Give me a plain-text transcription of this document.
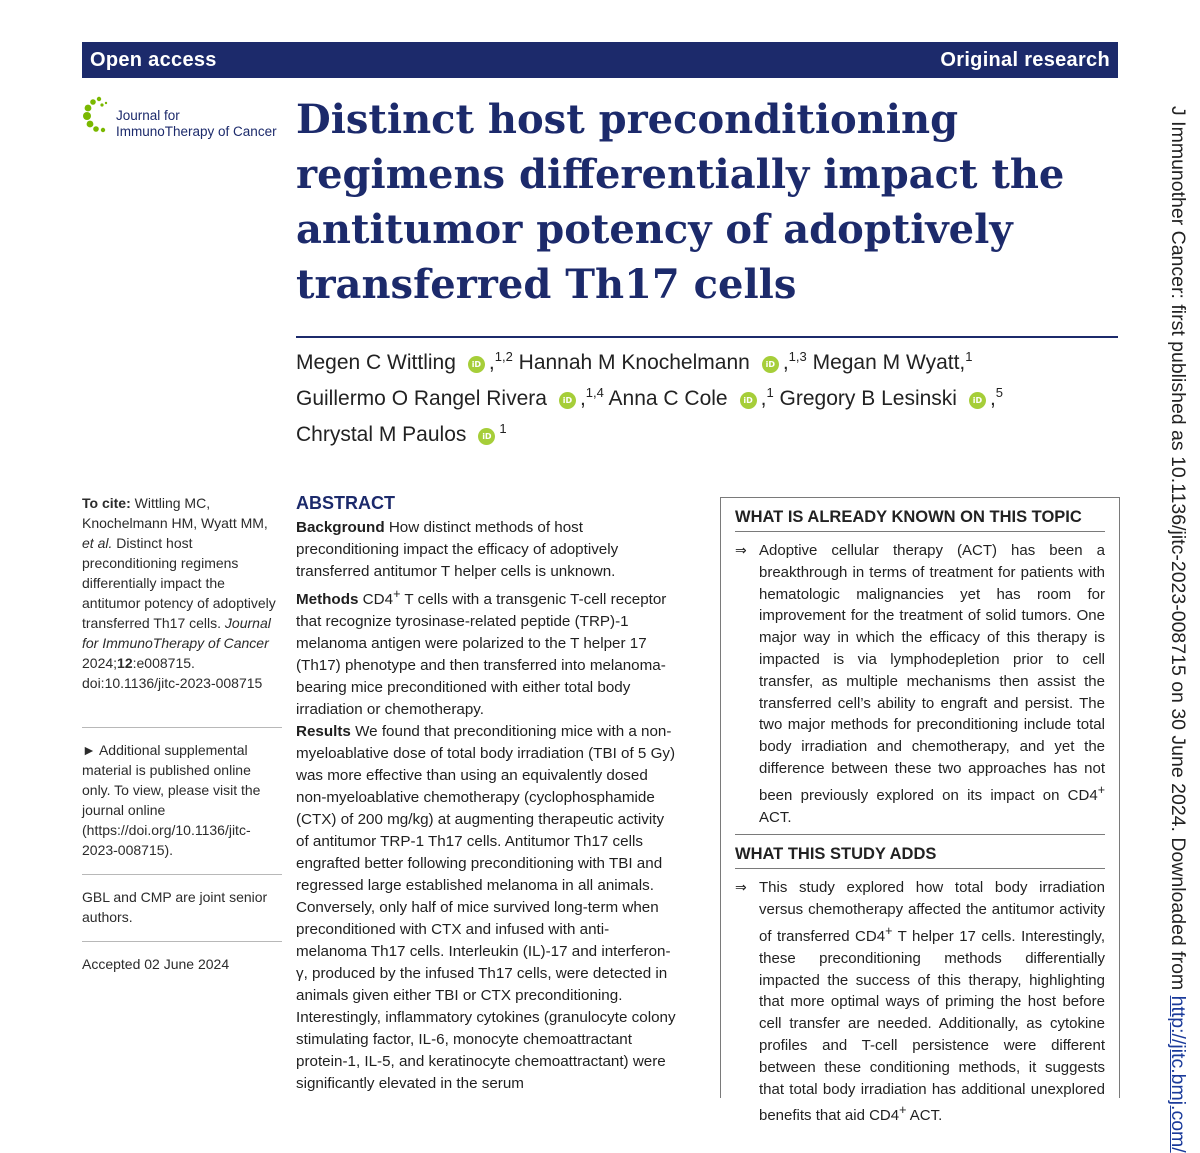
Open access	Original research
Journal for
ImmunoTherapy of Cancer Distinct host preconditioning regimens differentially impact the antitumor potency of adoptively transferred Th17 cells
Megen C Wittling iD ,$^{1,2}$ Hannah M Knochelmann iD ,$^{1,3}$ Megan M Wyatt,$^1$
Guillermo O Rangel Rivera iD ,$^{1,4}$ Anna C Cole iD ,$^1$ Gregory B Lesinski iD ,$^5$
Chrystal M Paulos $iD^1$

To cite: Wittling MC, Knochelmann HM, Wyatt MM, et al. Distinct host preconditioning regimens differentially impact the antitumor potency of adoptively transferred Th17 cells. Journal for ImmunoTherapy of Cancer 2024;12:e008715. doi:10.1136/jitc-2023-008715

► Additional supplemental material is published online only. To view, please visit the journal online (https://doi.org/10.1136/jitc-2023-008715).

GBL and CMP are joint senior authors.

Accepted 02 June 2024

ABSTRACT

Background How distinct methods of host preconditioning impact the efficacy of adoptively transferred antitumor T helper cells is unknown.

Methods CD4+ T cells with a transgenic T-cell receptor that recognize tyrosinase-related peptide (TRP)-1 melanoma antigen were polarized to the T helper 17 (Th17) phenotype and then transferred into melanoma-bearing mice preconditioned with either total body irradiation or chemotherapy.

Results We found that preconditioning mice with a non-myeloablative dose of total body irradiation (TBI of 5 Gy) was more effective than using an equivalently dosed non-myeloablative chemotherapy (cyclophosphamide (CTX) of 200 mg/kg) at augmenting therapeutic activity of antitumor TRP-1 Th17 cells. Antitumor Th17 cells engrafted better following preconditioning with TBI and regressed large established melanoma in all animals. Conversely, only half of mice survived long-term when preconditioned with CTX and infused with anti-melanoma Th17 cells. Interleukin (IL)-17 and interferon-γ, produced by the infused Th17 cells, were detected in animals given either TBI or CTX preconditioning. Interestingly, inflammatory cytokines (granulocyte colony stimulating factor, IL-6, monocyte chemoattractant protein-1, IL-5, and keratinocyte chemoattractant) were significantly elevated in the serum

WHAT IS ALREADY KNOWN ON THIS TOPIC
⇒ Adoptive cellular therapy (ACT) has been a breakthrough in terms of treatment for patients with hematologic malignancies yet has room for improvement for the treatment of solid tumors. One major way in which the efficacy of this therapy is impacted is via lymphodepletion prior to cell transfer, as multiple mechanisms then assist the transferred cell’s ability to engraft and persist. The two major methods for preconditioning include total body irradiation and chemotherapy, and yet the difference between these two approaches has not been previously explored on its impact on CD4+ ACT.
WHAT THIS STUDY ADDS
⇒ This study explored how total body irradiation versus chemotherapy affected the antitumor activity of transferred CD4+ T helper 17 cells. Interestingly, these preconditioning methods differentially impacted the success of this therapy, highlighting that more optimal ways of priming the host before cell transfer are needed. Additionally, as cytokine profiles and T-cell persistence were different between these conditioning methods, it suggests that total body irradiation has additional unexplored benefits that aid CD4+ ACT.
J Immunother Cancer: first published as 10.1136/jitc-2023-008715 on 30 June 2024. Downloaded from http://jitc.bmj.com/
